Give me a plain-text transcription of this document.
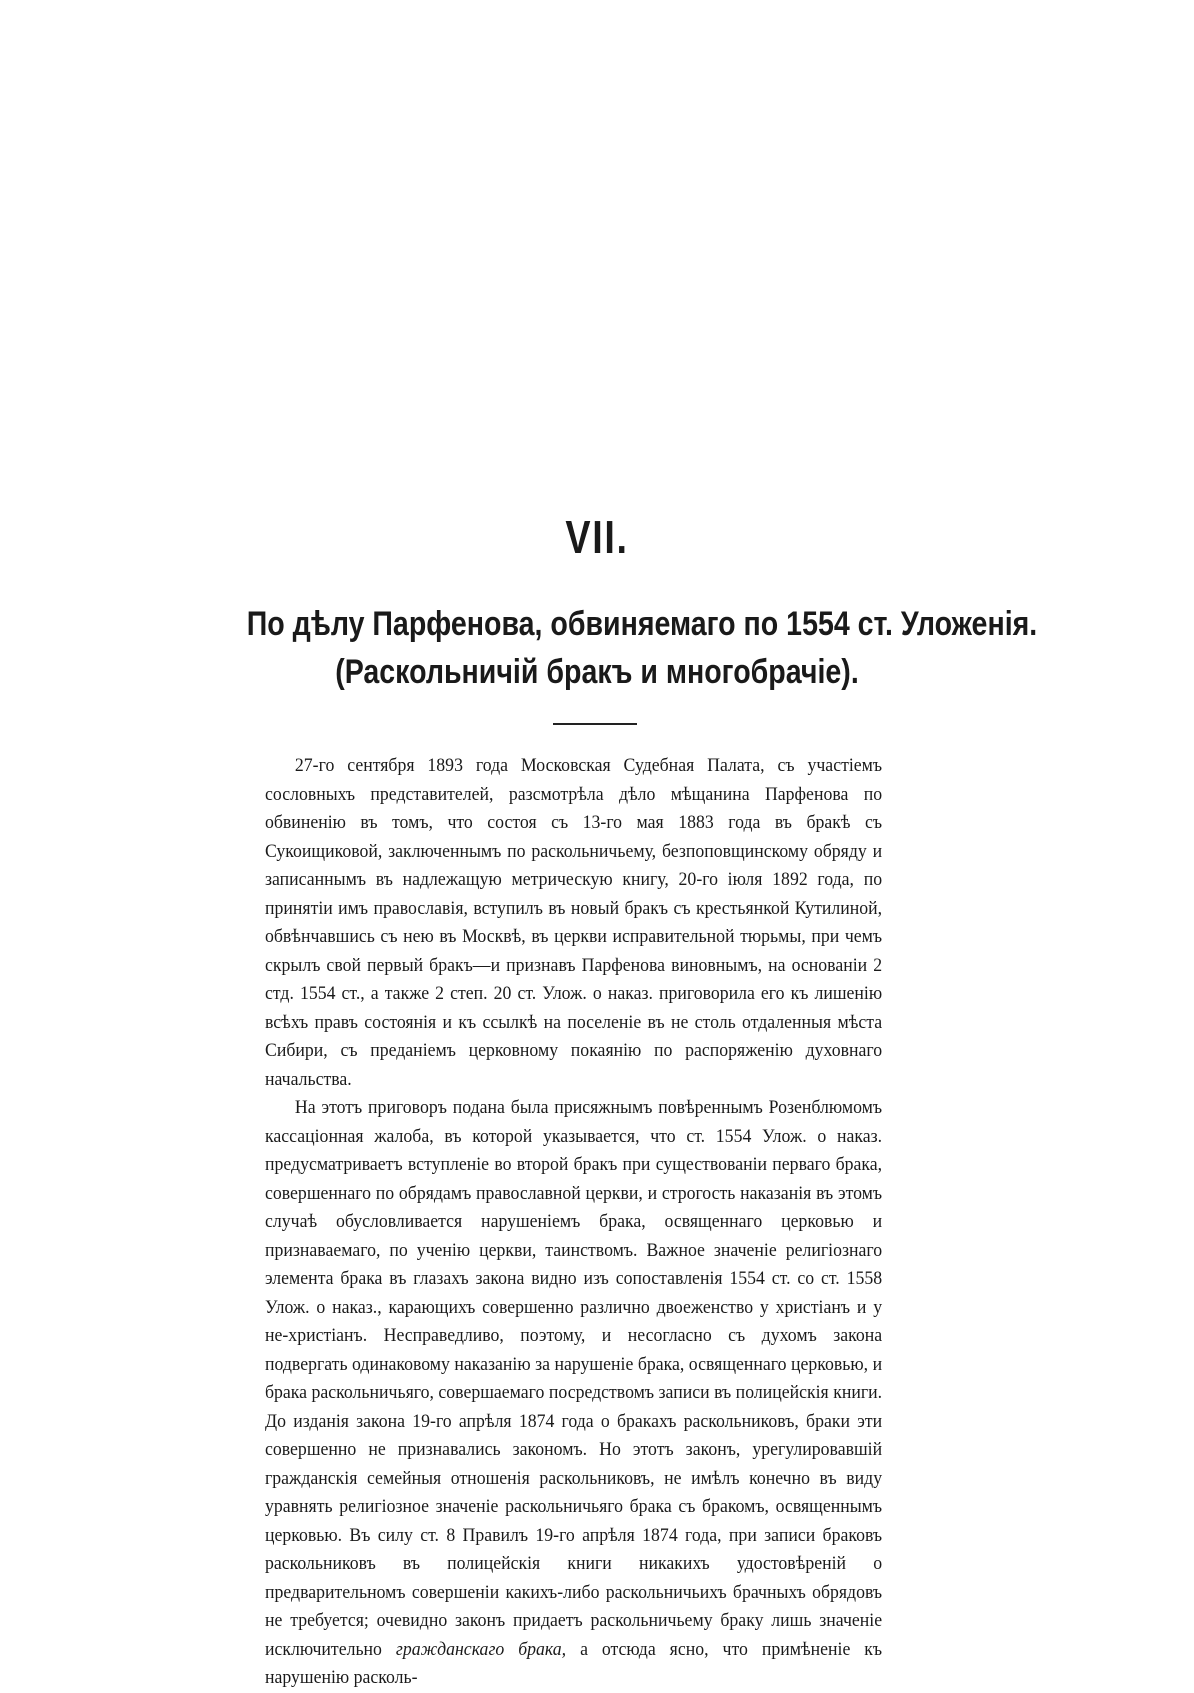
VII.
По дѣлу Парфенова, обвиняемаго по 1554 ст. Уложенія.
(Раскольничій бракъ и многобрачіе).

27-го сентября 1893 года Московская Судебная Палата, съ участіемъ сословныхъ представителей, разсмотрѣла дѣло мѣщанина Парфенова по обвиненію въ томъ, что состоя съ 13-го мая 1883 года въ бракѣ съ Сукоищиковой, заключеннымъ по раскольничьему, безпоповщинскому обряду и записаннымъ въ надлежащую метрическую книгу, 20-го іюля 1892 года, по принятіи имъ православія, вступилъ въ новый бракъ съ крестьянкой Кутилиной, обвѣнчавшись съ нею въ Москвѣ, въ церкви исправительной тюрьмы, при чемъ скрылъ свой первый бракъ—и признавъ Парфенова виновнымъ, на основаніи 2 стд. 1554 ст., а также 2 степ. 20 ст. Улож. о наказ. приговорила его къ лишенію всѣхъ правъ состоянія и къ ссылкѣ на поселеніе въ не столь отдаленныя мѣста Сибири, съ преданіемъ церковному покаянію по распоряженію духовнаго начальства.

На этотъ приговоръ подана была присяжнымъ повѣреннымъ Розенблюмомъ кассаціонная жалоба, въ которой указывается, что ст. 1554 Улож. о наказ. предусматриваетъ вступленіе во второй бракъ при существованіи перваго брака, совершеннаго по обрядамъ православной церкви, и строгость наказанія въ этомъ случаѣ обусловливается нарушеніемъ брака, освященнаго церковью и признаваемаго, по ученію церкви, таинствомъ. Важное значеніе религіознаго элемента брака въ глазахъ закона видно изъ сопоставленія 1554 ст. со ст. 1558 Улож. о наказ., карающихъ совершенно различно двоеженство у христіанъ и у не-христіанъ. Несправедливо, поэтому, и несогласно съ духомъ закона подвергать одинаковому наказанію за нарушеніе брака, освященнаго церковью, и брака раскольничьяго, совершаемаго посредствомъ записи въ полицейскія книги. До изданія закона 19-го апрѣля 1874 года о бракахъ раскольниковъ, браки эти совершенно не признавались закономъ. Но этотъ законъ, урегулировавшій гражданскія семейныя отношенія раскольниковъ, не имѣлъ конечно въ виду уравнять религіозное значеніе раскольничьяго брака съ бракомъ, освященнымъ церковью. Въ силу ст. 8 Правилъ 19-го апрѣля 1874 года, при записи браковъ раскольниковъ въ полицейскія книги никакихъ удостовѣреній о предварительномъ совершеніи какихъ-либо раскольничьихъ брачныхъ обрядовъ не требуется; очевидно законъ придаетъ раскольничьему браку лишь значеніе исключительно гражданскаго брака, а отсюда ясно, что примѣненіе къ нарушенію расколь-
